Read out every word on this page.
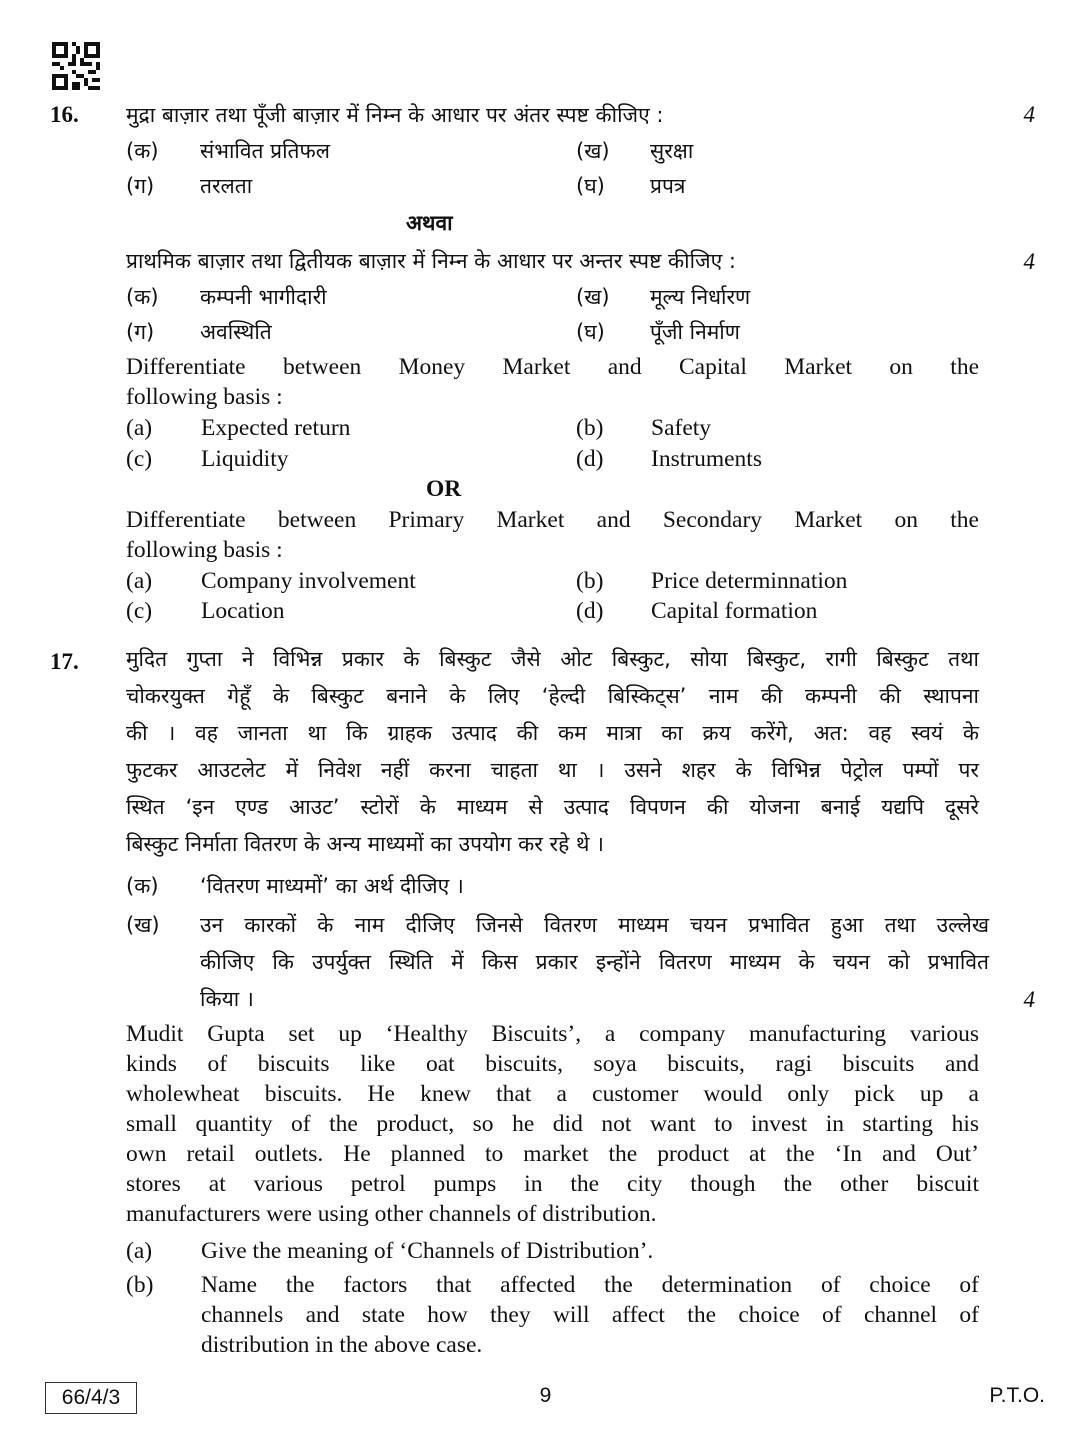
16. मुद्रा बाज़ार तथा पूँजी बाज़ार में निम्न के आधार पर अंतर स्पष्ट कीजिए :	4
(क) संभावित प्रतिफल	(ख) सुरक्षा
(ग) तरलता	(घ) प्रपत्र
अथवा
प्राथमिक बाज़ार तथा द्वितीयक बाज़ार में निम्न के आधार पर अन्तर स्पष्ट कीजिए :	4
(क) कम्पनी भागीदारी	(ख) मूल्य निर्धारण
(ग) अवस्थिति	(घ) पूँजी निर्माण
Differentiate between Money Market and Capital Market on the
following basis :
(a) Expected return	(b) Safety
(c) Liquidity	(d) Instruments
OR
Differentiate between Primary Market and Secondary Market on the
following basis :
(a) Company involvement	(b) Price determinnation
(c) Location	(d) Capital formation
17. मुदित गुप्ता ने विभिन्न प्रकार के बिस्कुट जैसे ओट बिस्कुट, सोया बिस्कुट, रागी बिस्कुट तथा
चोकरयुक्त गेहूँ के बिस्कुट बनाने के लिए ‘हेल्दी बिस्किट्स’ नाम की कम्पनी की स्थापना
की । वह जानता था कि ग्राहक उत्पाद की कम मात्रा का क्रय करेंगे, अत: वह स्वयं के
फुटकर आउटलेट में निवेश नहीं करना चाहता था । उसने शहर के विभिन्न पेट्रोल पम्पों पर
स्थित ‘इन एण्ड आउट’ स्टोरों के माध्यम से उत्पाद विपणन की योजना बनाई यद्यपि दूसरे
बिस्कुट निर्माता वितरण के अन्य माध्यमों का उपयोग कर रहे थे ।
(क) ‘वितरण माध्यमों’ का अर्थ दीजिए ।
(ख) उन कारकों के नाम दीजिए जिनसे वितरण माध्यम चयन प्रभावित हुआ तथा उल्लेख
कीजिए कि उपर्युक्त स्थिति में किस प्रकार इन्होंने वितरण माध्यम के चयन को प्रभावित
किया ।	4
Mudit Gupta set up ‘Healthy Biscuits’, a company manufacturing various
kinds of biscuits like oat biscuits, soya biscuits, ragi biscuits and
wholewheat biscuits. He knew that a customer would only pick up a
small quantity of the product, so he did not want to invest in starting his
own retail outlets. He planned to market the product at the ‘In and Out’
stores at various petrol pumps in the city though the other biscuit
manufacturers were using other channels of distribution.
(a) Give the meaning of ‘Channels of Distribution’.
(b) Name the factors that affected the determination of choice of
channels and state how they will affect the choice of channel of
distribution in the above case.
66/4/3	9	P.T.O.
